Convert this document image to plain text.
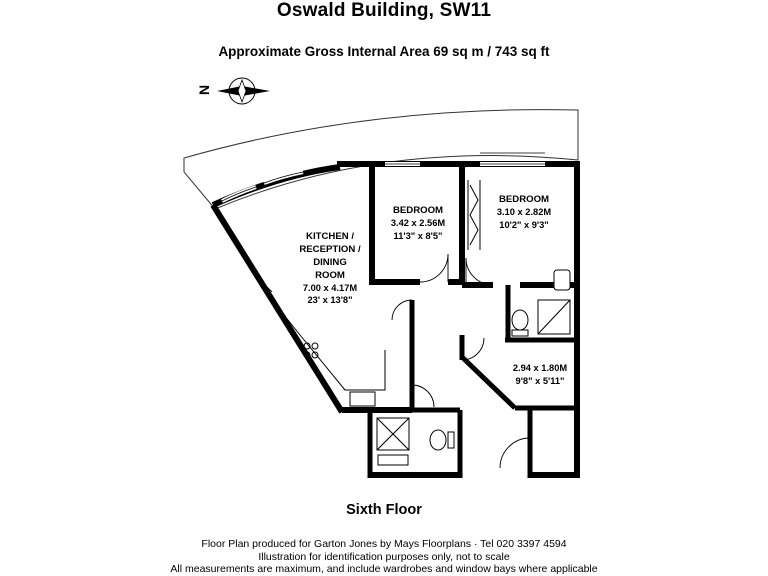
Oswald Building, SW11
Approximate Gross Internal Area 69 sq m / 743 sq ft
N
KITCHEN /
RECEPTION /
DINING
ROOM
7.00 x 4.17M
23' x 13'8"
BEDROOM
3.42 x 2.56M
11'3" x 8'5"
BEDROOM
3.10 x 2.82M
10'2" x 9'3"
2.94 x 1.80M
9'8" x 5'11"
Sixth Floor
Floor Plan produced for Garton Jones by Mays Floorplans · Tel 020 3397 4594
Illustration for identification purposes only, not to scale
All measurements are maximum, and include wardrobes and window bays where applicable
